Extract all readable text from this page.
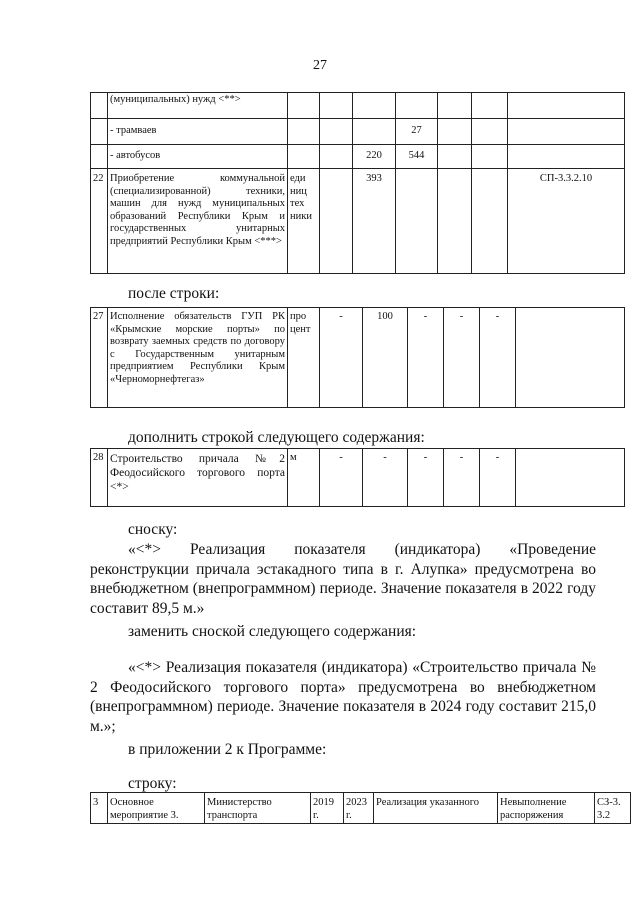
27
	(муниципальных) нужд <**>							
	- трамваев				27			
	- автобусов			220	544			
22	Приобретение коммунальной (специализированной) техники, машин для нужд муниципальных образований Республики Крым и государственных унитарных предприятий Республики Крым <***>	еди ниц тех ники		393				СП-3.3.2.10
после строки:
27	Исполнение обязательств ГУП РК «Крымские морские порты» по возврату заемных средств по договору с Государственным унитарным предприятием Республики Крым «Черноморнефтегаз»	про цент	-	100	-	-	-	
дополнить строкой следующего содержания:
28	Строительство причала №2 Феодосийского торгового порта <*>	м	-	-	-	-	-	
сноску:
«<*> Реализация показателя (индикатора) «Проведение реконструкции причала эстакадного типа в г. Алупка» предусмотрена во внебюджетном (внепрограммном) периоде. Значение показателя в 2022 году составит 89,5 м.»
заменить сноской следующего содержания:
«<*> Реализация показателя (индикатора) «Строительство причала № 2 Феодосийского торгового порта» предусмотрена во внебюджетном (внепрограммном) периоде. Значение показателя в 2024 году составит 215,0 м.»;
в приложении 2 к Программе:
строку:
3	Основное мероприятие 3.	Министерство транспорта	2019 г.	2023 г.	Реализация указанного	Невыполнение распоряжения	СЗ-3.3.2
